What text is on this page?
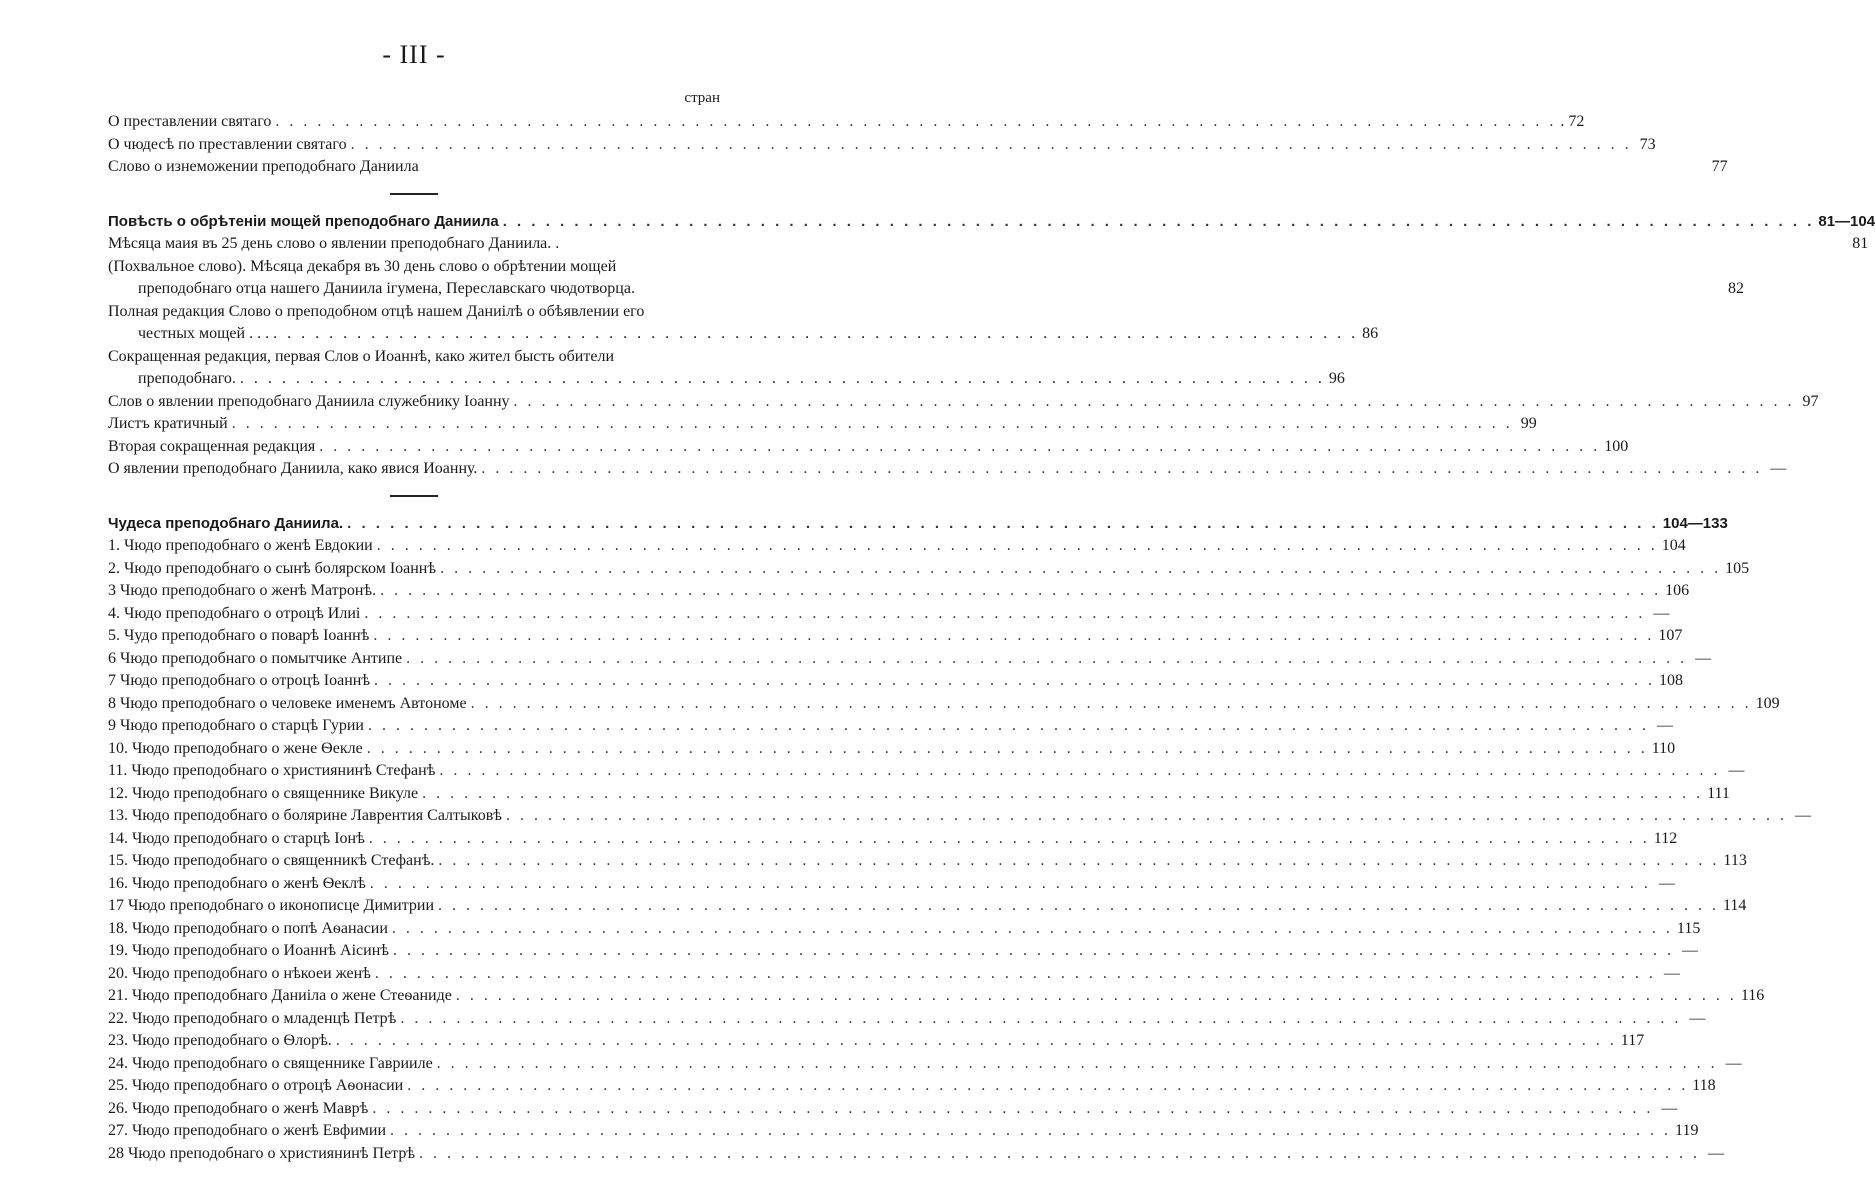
- III -
стран
О преставлении святаго . . .	. 72
О чюдесѣ по преставлении святаго . . .	73
Слово о изнеможении преподобнаго Даниила	77
Повѣсть о обрѣтенiи мощей преподобнаго Даниила . . .	81—104
Мѣсяца маия въ 25 день слово о явлении преподобнаго Даниила. .	81
(Похвальное слово). Мѣсяца декабря въ 30 день слово о обрѣтении мощей
преподобнаго отца нашего Даниила iгумена, Переславскаго чюдотворца.	82
Полная редакция Слово о преподобном отцѣ нашем Даниiлѣ о обѣявлении его
честных мощей . . . . . .	86
Сокращенная редакция, первая Слов о Иоаннѣ, како жител бысть обители
преподобнаго. . . .	96
Слов о явлении преподобнаго Даниила служебнику Iоанну . . .	97
Листъ кратичный . . .	99
Вторая сокращенная редакция . . .	100
О явлении преподобнаго Даниила, како явися Иоанну. . . .	—
Чудеса преподобнаго Даниила. . . .	104—133
1. Чюдо преподобнаго о женѣ Евдокии . . .	104
2. Чюдо преподобнаго о сынѣ болярском Iоаннѣ . . .	105
3 Чюдо преподобнаго о женѣ Матронѣ. . . .	106
4. Чюдо преподобнаго о отроцѣ Илиi . . .	—
5. Чудо преподобнаго о поварѣ Iоаннѣ . . .	107
6 Чюдо преподобнаго о помытчике Антипе . . .	—
7 Чюдо преподобнаго о отроцѣ Iоаннѣ . . .	108
8 Чюдо преподобнаго о человеке именемъ Автономе . . .	109
9 Чюдо преподобнаго о старцѣ Гурии . . .	—
10. Чюдо преподобнаго о жене Ѳекле . . .	110
11. Чюдо преподобнаго о християнинѣ Стефанѣ . . .	—
12. Чюдо преподобнаго о священнике Викуле . . .	111
13. Чюдо преподобнаго о болярине Лаврентия Салтыковѣ . . .	—
14. Чюдо преподобнаго о старцѣ Iонѣ . . .	112
15. Чюдо преподобнаго о священникѣ Стефанѣ. . . .	113
16. Чюдо преподобнаго о женѣ Ѳеклѣ . . .	—
17 Чюдо преподобнаго о иконописце Димитрии . . .	114
18. Чюдо преподобнаго о попѣ Аѳанасии . . .	115
19. Чюдо преподобнаго о Иоаннѣ Аiсинѣ . . .	—
20. Чюдо преподобнаго о нѣкоеи женѣ . . .	—
21. Чюдо преподобнаго Даниiла о жене Стеѳаниде . . .	116
22. Чюдо преподобнаго о младенцѣ Петрѣ . . .	—
23. Чюдо преподобнаго о Ѳлорѣ. . . .	117
24. Чюдо преподобнаго о священнике Гаврииле . . .	—
25. Чюдо преподобнаго о отроцѣ Аѳонасии . . .	118
26. Чюдо преподобнаго о женѣ Маврѣ . . .	—
27. Чюдо преподобнаго о женѣ Евфимии . . .	119
28 Чюдо преподобнаго о християнинѣ Петрѣ . . .	—
